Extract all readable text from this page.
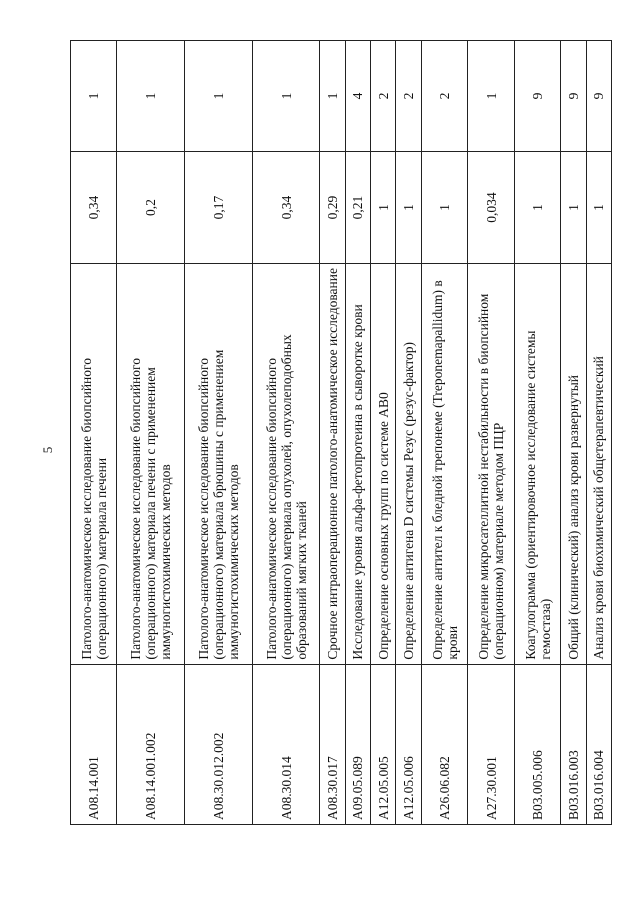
5
A08.14.001	Патолого-анатомическое исследование биопсийного (операционного) материала печени	0,34	1
A08.14.001.002	Патолого-анатомическое исследование биопсийного (операционного) материала печени с применением иммуногистохимических методов	0,2	1
A08.30.012.002	Патолого-анатомическое исследование биопсийного (операционного) материала брюшины с применением иммуногистохимических методов	0,17	1
A08.30.014	Патолого-анатомическое исследование биопсийного (операционного) материала опухолей, опухолеподобных образований мягких тканей	0,34	1
A08.30.017	Срочное интраоперационное патолого-анатомическое исследование	0,29	1
A09.05.089	Исследование уровня альфа-фетопротеина в сыворотке крови	0,21	4
A12.05.005	Определение основных групп по системе AB0	1	2
A12.05.006	Определение антигена D системы Резус (резус-фактор)	1	2
A26.06.082	Определение антител к бледной трепонеме (Treponemapallidum) в крови	1	2
A27.30.001	Определение микросателлитной нестабильности в биопсийном (операционном) материале методом ПЦР	0,034	1
B03.005.006	Коагулограмма (ориентировочное исследование системы гемостаза)	1	9
B03.016.003	Общий (клинический) анализ крови развернутый	1	9
B03.016.004	Анализ крови биохимический общетерапевтический	1	9
